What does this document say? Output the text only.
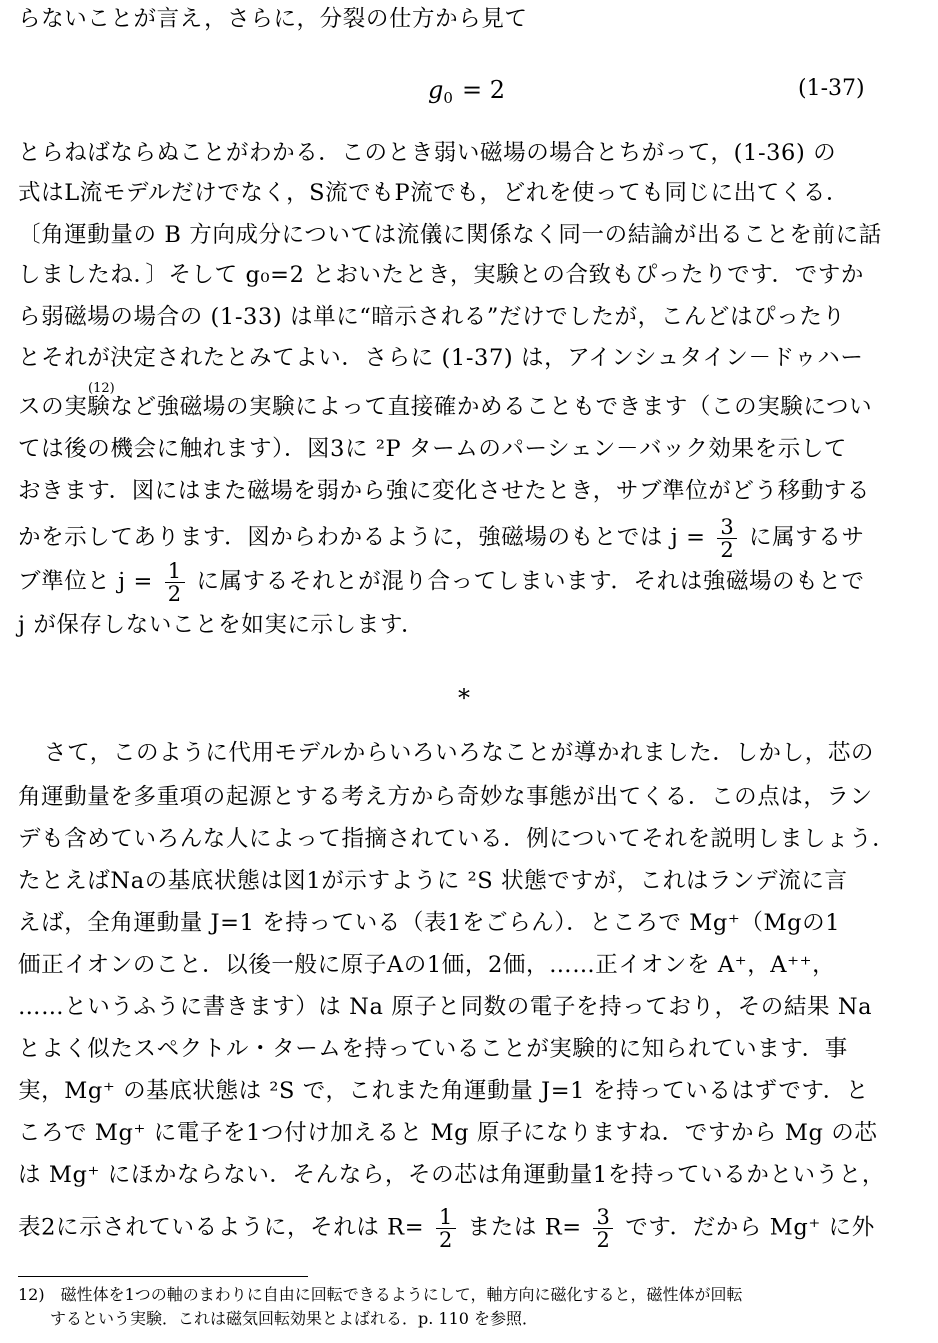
らないことが言え，さらに，分裂の仕方から見て
$g_0 = 2$	(1-37)
とらねばならぬことがわかる．このとき弱い磁場の場合とちがって，(1-36) の
式はL流モデルだけでなく，S流でもP流でも，どれを使っても同じに出てくる．
〔角運動量の B 方向成分については流儀に関係なく同一の結論が出ることを前に話
しましたね．〕そして g₀=2 とおいたとき，実験との合致もぴったりです．ですか
ら弱磁場の場合の (1-33) は単に“暗示される”だけでしたが，こんどはぴったり
とそれが決定されたとみてよい．さらに (1-37) は，アインシュタイン－ドゥハー
(12)
スの実験など強磁場の実験によって直接確かめることもできます（この実験につい
ては後の機会に触れます）．図3に ²P タームのパーシェン－バック効果を示して
おきます．図にはまた磁場を弱から強に変化させたとき，サブ準位がどう移動する
かを示してあります．図からわかるように，強磁場のもとでは $j = \frac{3}{2}$ に属するサ
ブ準位と $j = \frac{1}{2}$ に属するそれとが混り合ってしまいます．それは強磁場のもとで
j が保存しないことを如実に示します．
*
さて，このように代用モデルからいろいろなことが導かれました．しかし，芯の
角運動量を多重項の起源とする考え方から奇妙な事態が出てくる．この点は，ラン
デも含めていろんな人によって指摘されている．例についてそれを説明しましょう．
たとえばNaの基底状態は図1が示すように ²S 状態ですが，これはランデ流に言
えば，全角運動量 J=1 を持っている（表1をごらん）．ところで Mg⁺（Mgの1
価正イオンのこと．以後一般に原子Aの1価，2価，……正イオンを A⁺，A⁺⁺，
……というふうに書きます）は Na 原子と同数の電子を持っており，その結果 Na
とよく似たスペクトル・タームを持っていることが実験的に知られています．事
実，Mg⁺ の基底状態は ²S で，これまた角運動量 J=1 を持っているはずです．と
ころで Mg⁺ に電子を1つ付け加えると Mg 原子になりますね．ですから Mg の芯
は Mg⁺ にほかならない．そんなら，その芯は角運動量1を持っているかというと，
表2に示されているように，それは $R= \frac{1}{2}$ または $R= \frac{3}{2}$ です．だから Mg⁺ に外
12)　磁性体を1つの軸のまわりに自由に回転できるようにして，軸方向に磁化すると，磁性体が回転
　　するという実験．これは磁気回転効果とよばれる．p. 110 を参照．
